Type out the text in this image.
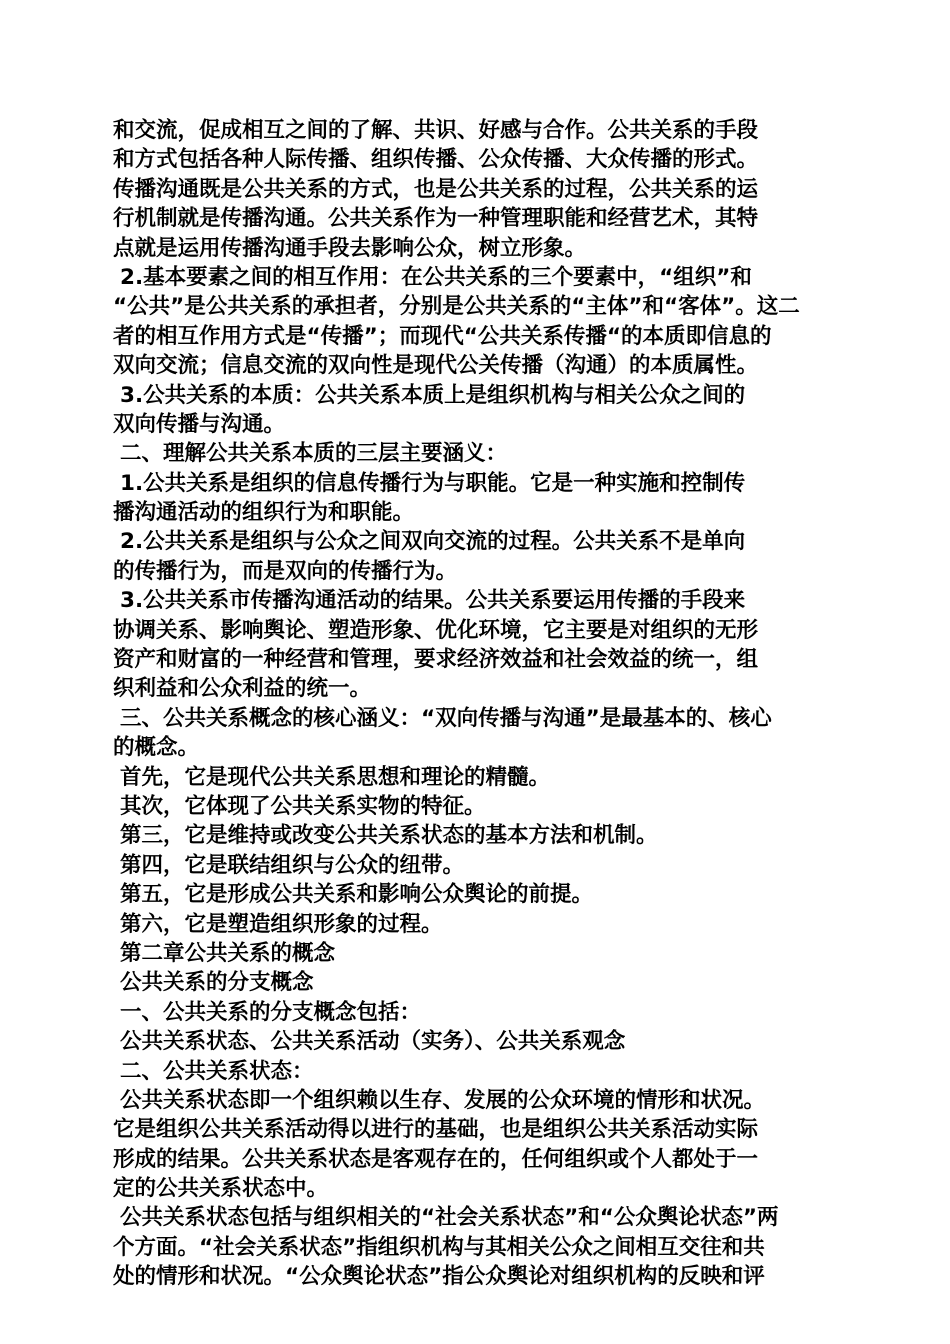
和交流，促成相互之间的了解、共识、好感与合作。公共关系的手段
和方式包括各种人际传播、组织传播、公众传播、大众传播的形式。
传播沟通既是公共关系的方式，也是公共关系的过程，公共关系的运
行机制就是传播沟通。公共关系作为一种管理职能和经营艺术，其特
点就是运用传播沟通手段去影响公众，树立形象。
2.基本要素之间的相互作用：在公共关系的三个要素中，“组织”和
“公共”是公共关系的承担者，分别是公共关系的“主体”和“客体”。这二
者的相互作用方式是“传播”；而现代“公共关系传播“的本质即信息的
双向交流；信息交流的双向性是现代公关传播（沟通）的本质属性。
3.公共关系的本质：公共关系本质上是组织机构与相关公众之间的
双向传播与沟通。
二、理解公共关系本质的三层主要涵义：
1.公共关系是组织的信息传播行为与职能。它是一种实施和控制传
播沟通活动的组织行为和职能。
2.公共关系是组织与公众之间双向交流的过程。公共关系不是单向
的传播行为，而是双向的传播行为。
3.公共关系市传播沟通活动的结果。公共关系要运用传播的手段来
协调关系、影响舆论、塑造形象、优化环境，它主要是对组织的无形
资产和财富的一种经营和管理，要求经济效益和社会效益的统一，组
织利益和公众利益的统一。
三、公共关系概念的核心涵义：“双向传播与沟通”是最基本的、核心
的概念。
首先，它是现代公共关系思想和理论的精髓。
其次，它体现了公共关系实物的特征。
第三，它是维持或改变公共关系状态的基本方法和机制。
第四，它是联结组织与公众的纽带。
第五，它是形成公共关系和影响公众舆论的前提。
第六，它是塑造组织形象的过程。
第二章公共关系的概念
公共关系的分支概念
一、公共关系的分支概念包括：
公共关系状态、公共关系活动（实务）、公共关系观念
二、公共关系状态：
公共关系状态即一个组织赖以生存、发展的公众环境的情形和状况。
它是组织公共关系活动得以进行的基础，也是组织公共关系活动实际
形成的结果。公共关系状态是客观存在的，任何组织或个人都处于一
定的公共关系状态中。
公共关系状态包括与组织相关的“社会关系状态”和“公众舆论状态”两
个方面。“社会关系状态”指组织机构与其相关公众之间相互交往和共
处的情形和状况。“公众舆论状态”指公众舆论对组织机构的反映和评
